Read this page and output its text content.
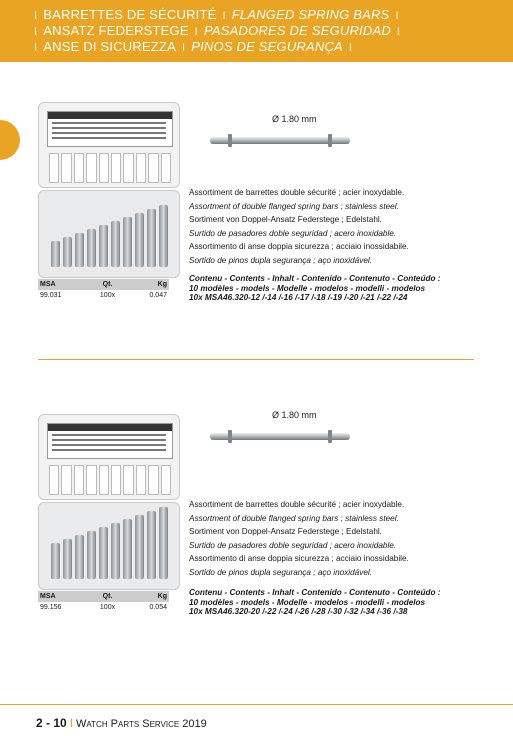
I BARRETTES DE SÉCURITÉ I FLANGED SPRING BARS I
I ANSATZ FEDERSTEGE I PASADORES DE SEGURIDAD I
I ANSE DI SICUREZZA I PINOS DE SEGURANÇA I
Ø 1.80 mm
Assortiment de barrettes double sécurité ; acier inoxydable.
Assortment of double flanged spring bars ; stainless steel.
Sortiment von Doppel-Ansatz Federstege ; Edelstahl.
Surtido de pasadores doble seguridad ; acero inoxidable.
Assortimento di anse doppia sicurezza ; acciaio inossidabile.
Sortido de pinos dupla segurança ; aço inoxidável.
Contenu - Contents - Inhalt - Contenido - Contenuto - Conteúdo :
10 modèles - models - Modelle - modelos - modelli - modelos
10x MSA46.320-12 /-14 /-16 /-17 /-18 /-19 /-20 /-21 /-22 /-24
MSA	Qt.	Kg
99.031	100x	0.047
Ø 1.80 mm
Assortiment de barrettes double sécurité ; acier inoxydable.
Assortment of double flanged spring bars ; stainless steel.
Sortiment von Doppel-Ansatz Federstege ; Edelstahl.
Surtido de pasadores doble seguridad ; acero inoxidable.
Assortimento di anse doppia sicurezza ; acciaio inossidabile.
Sortido de pinos dupla segurança ; aço inoxidável.
Contenu - Contents - Inhalt - Contenido - Contenuto - Conteúdo :
10 modèles - models - Modelle - modelos - modelli - modelos
10x MSA46.320-20 /-22 /-24 /-26 /-28 /-30 /-32 /-34 /-36 /-38
MSA	Qt.	Kg
99.156	100x	0.054
2 - 10 I Watch Parts Service 2019
